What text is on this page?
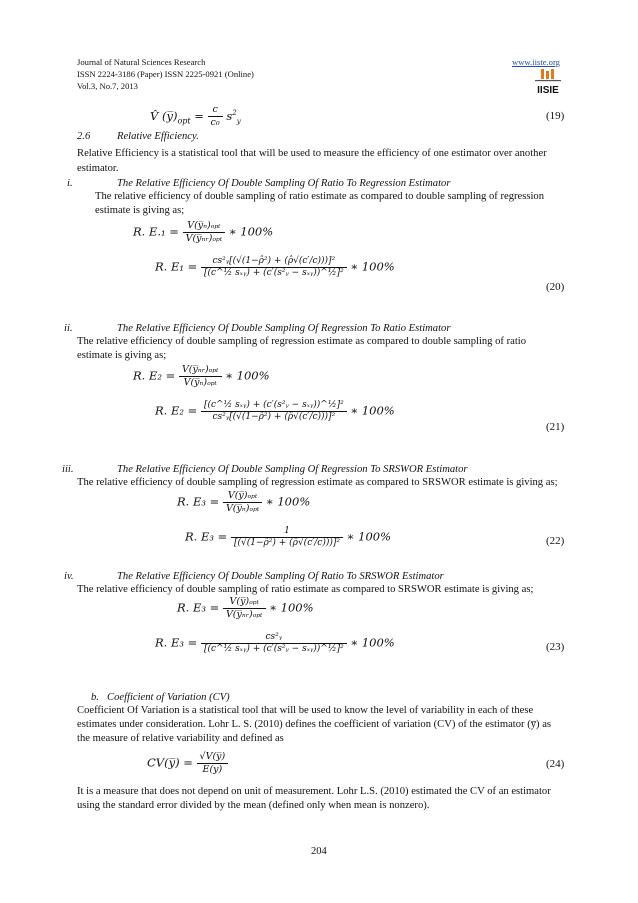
Journal of Natural Sciences Research
ISSN 2224-3186 (Paper) ISSN 2225-0921 (Online)
Vol.3, No.7, 2013
www.iiste.org
IISIE
V̂ $(y̅)_{opt} = \frac{c}{\text{c₀}} s^2_y$	(19)
2.6	Relative Efficiency.
Relative Efficiency is a statistical tool that will be used to measure the efficiency of one estimator over another estimator.
i.	The Relative Efficiency Of Double Sampling Of Ratio To Regression Estimator
The relative efficiency of double sampling of ratio estimate as compared to double sampling of regression
estimate is giving as;
R. $E._1 = \frac{\text{V(y̅ₙ)ₒₚₜ}}{\text{V(y̅ₙᵣ)ₒₚₜ}}$ ∗ 100%
R. $E_1 = \frac{\text{cs²ᵧ[(√(1−ρ̂²) + (ρ̂√(c′/c)))]²}}{\text{[(c\textasciicircum{}½ sₓᵧ) + (c′(s²ᵧ − sₓᵧ))\textasciicircum{}½]²}}$ ∗ 100%
(20)
ii.	The Relative Efficiency Of Double Sampling Of Regression To Ratio Estimator
The relative efficiency of double sampling of regression estimate as compared to double sampling of ratio
estimate is giving as;
R. $E_2 = \frac{\text{V(y̅ₙᵣ)ₒₚₜ}}{\text{V(y̅ₙ)ₒₚₜ}}$ ∗ 100%
R. $E_2 = \frac{\text{[(c\textasciicircum{}½ sₓᵧ) + (c′(s²ᵧ − sₓᵧ))\textasciicircum{}½]²}}{\text{cs²ᵧ[(√(1−ρ̂²) + (ρ̂√(c′/c)))]²}}$ ∗ 100%
(21)
iii.	The Relative Efficiency Of Double Sampling Of Regression To SRSWOR Estimator
The relative efficiency of double sampling of regression estimate as compared to SRSWOR estimate is giving as;
R. $E_3 = \frac{\text{V(y̅)ₒₚₜ}}{\text{V(y̅ₙ)ₒₚₜ}}$ ∗ 100%
R. $E_3 = \frac{1}{\text{[(√(1−ρ̂²) + (ρ̂√(c′/c)))]²}}$ ∗ 100%	(22)
iv.	The Relative Efficiency Of Double Sampling Of Ratio To SRSWOR Estimator
The relative efficiency of double sampling of ratio estimate as compared to SRSWOR estimate is giving as;
R. $E_3 = \frac{\text{V(y̅)ₒₚₜ}}{\text{V(y̅ₙᵣ)ₒₚₜ}}$ ∗ 100%
R. $E_3 = \frac{\text{cs²ᵧ}}{\text{[(c\textasciicircum{}½ sₓᵧ) + (c′(s²ᵧ − sₓᵧ))\textasciicircum{}½]²}}$ ∗ 100%	(23)
b. Coefficient of Variation (CV)
Coefficient Of Variation is a statistical tool that will be used to know the level of variability in each of these
estimates under consideration. Lohr L. S. (2010) defines the coefficient of variation (CV) of the estimator (y̅) as
the measure of relative variability and defined as
CV(y̅) = $\frac{√V(y̅)}{E(y)}$	(24)
It is a measure that does not depend on unit of measurement. Lohr L.S. (2010) estimated the CV of an estimator
using the standard error divided by the mean (defined only when mean is nonzero).
204
